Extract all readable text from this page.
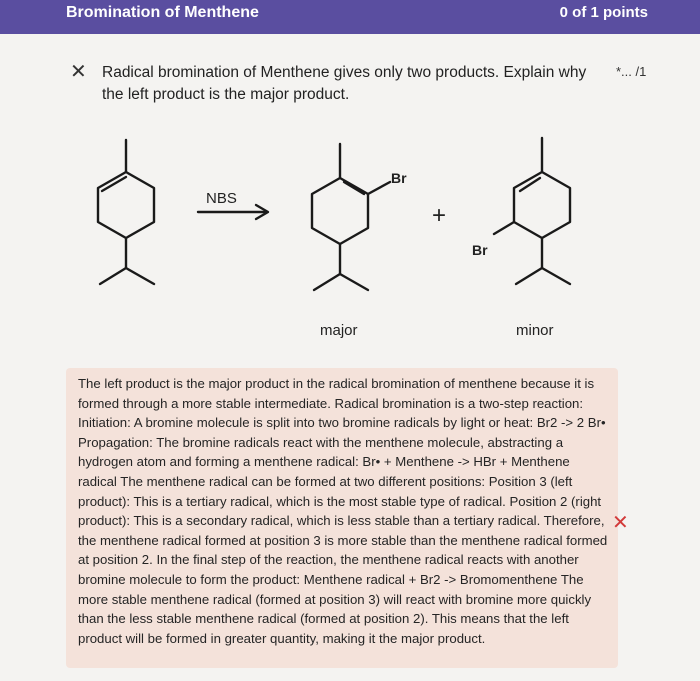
Bromination of Menthene	0 of 1 points
✕ Radical bromination of Menthene gives only two products. Explain why the left product is the major product.
*... /1
NBS
Br
+
Br
major	minor
The left product is the major product in the radical bromination of menthene because it is formed through a more stable intermediate. Radical bromination is a two-step reaction: Initiation: A bromine molecule is split into two bromine radicals by light or heat: Br2 -> 2 Br• Propagation: The bromine radicals react with the menthene molecule, abstracting a hydrogen atom and forming a menthene radical: Br• + Menthene -> HBr + Menthene radical The menthene radical can be formed at two different positions: Position 3 (left product): This is a tertiary radical, which is the most stable type of radical. Position 2 (right product): This is a secondary radical, which is less stable than a tertiary radical. Therefore, the menthene radical formed at position 3 is more stable than the menthene radical formed at position 2. In the final step of the reaction, the menthene radical reacts with another bromine molecule to form the product: Menthene radical + Br2 -> Bromomenthene The more stable menthene radical (formed at position 3) will react with bromine more quickly than the less stable menthene radical (formed at position 2). This means that the left product will be formed in greater quantity, making it the major product.
✕
